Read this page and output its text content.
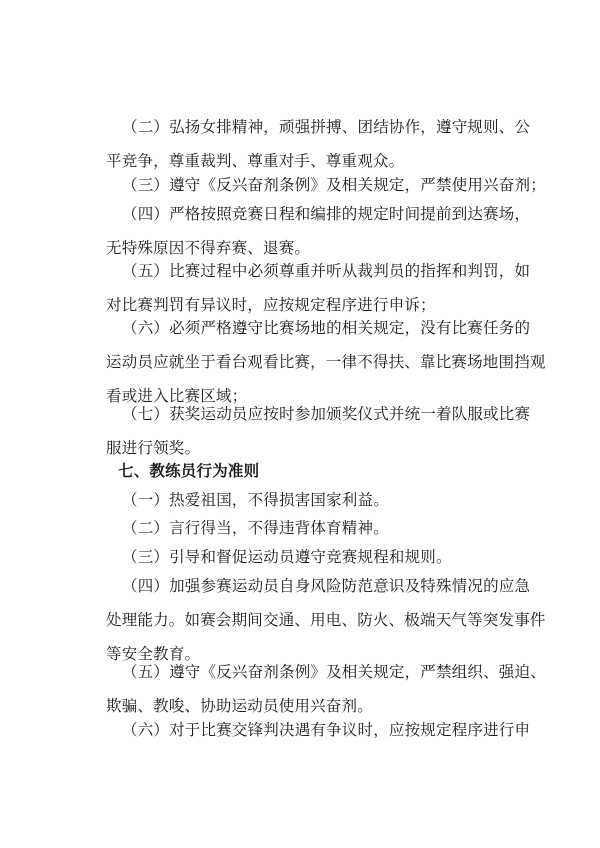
（二）弘扬女排精神，顽强拼搏、团结协作，遵守规则、公
平竞争，尊重裁判、尊重对手、尊重观众。
（三）遵守《反兴奋剂条例》及相关规定，严禁使用兴奋剂；
（四）严格按照竞赛日程和编排的规定时间提前到达赛场，
无特殊原因不得弃赛、退赛。
（五）比赛过程中必须尊重并听从裁判员的指挥和判罚，如
对比赛判罚有异议时，应按规定程序进行申诉；
（六）必须严格遵守比赛场地的相关规定，没有比赛任务的
运动员应就坐于看台观看比赛，一律不得扶、靠比赛场地围挡观
看或进入比赛区域；
（七）获奖运动员应按时参加颁奖仪式并统一着队服或比赛
服进行领奖。
七、教练员行为准则
（一）热爱祖国，不得损害国家利益。
（二）言行得当，不得违背体育精神。
（三）引导和督促运动员遵守竞赛规程和规则。
（四）加强参赛运动员自身风险防范意识及特殊情况的应急
处理能力。如赛会期间交通、用电、防火、极端天气等突发事件
等安全教育。
（五）遵守《反兴奋剂条例》及相关规定，严禁组织、强迫、
欺骗、教唆、协助运动员使用兴奋剂。
（六）对于比赛交锋判决遇有争议时，应按规定程序进行申
